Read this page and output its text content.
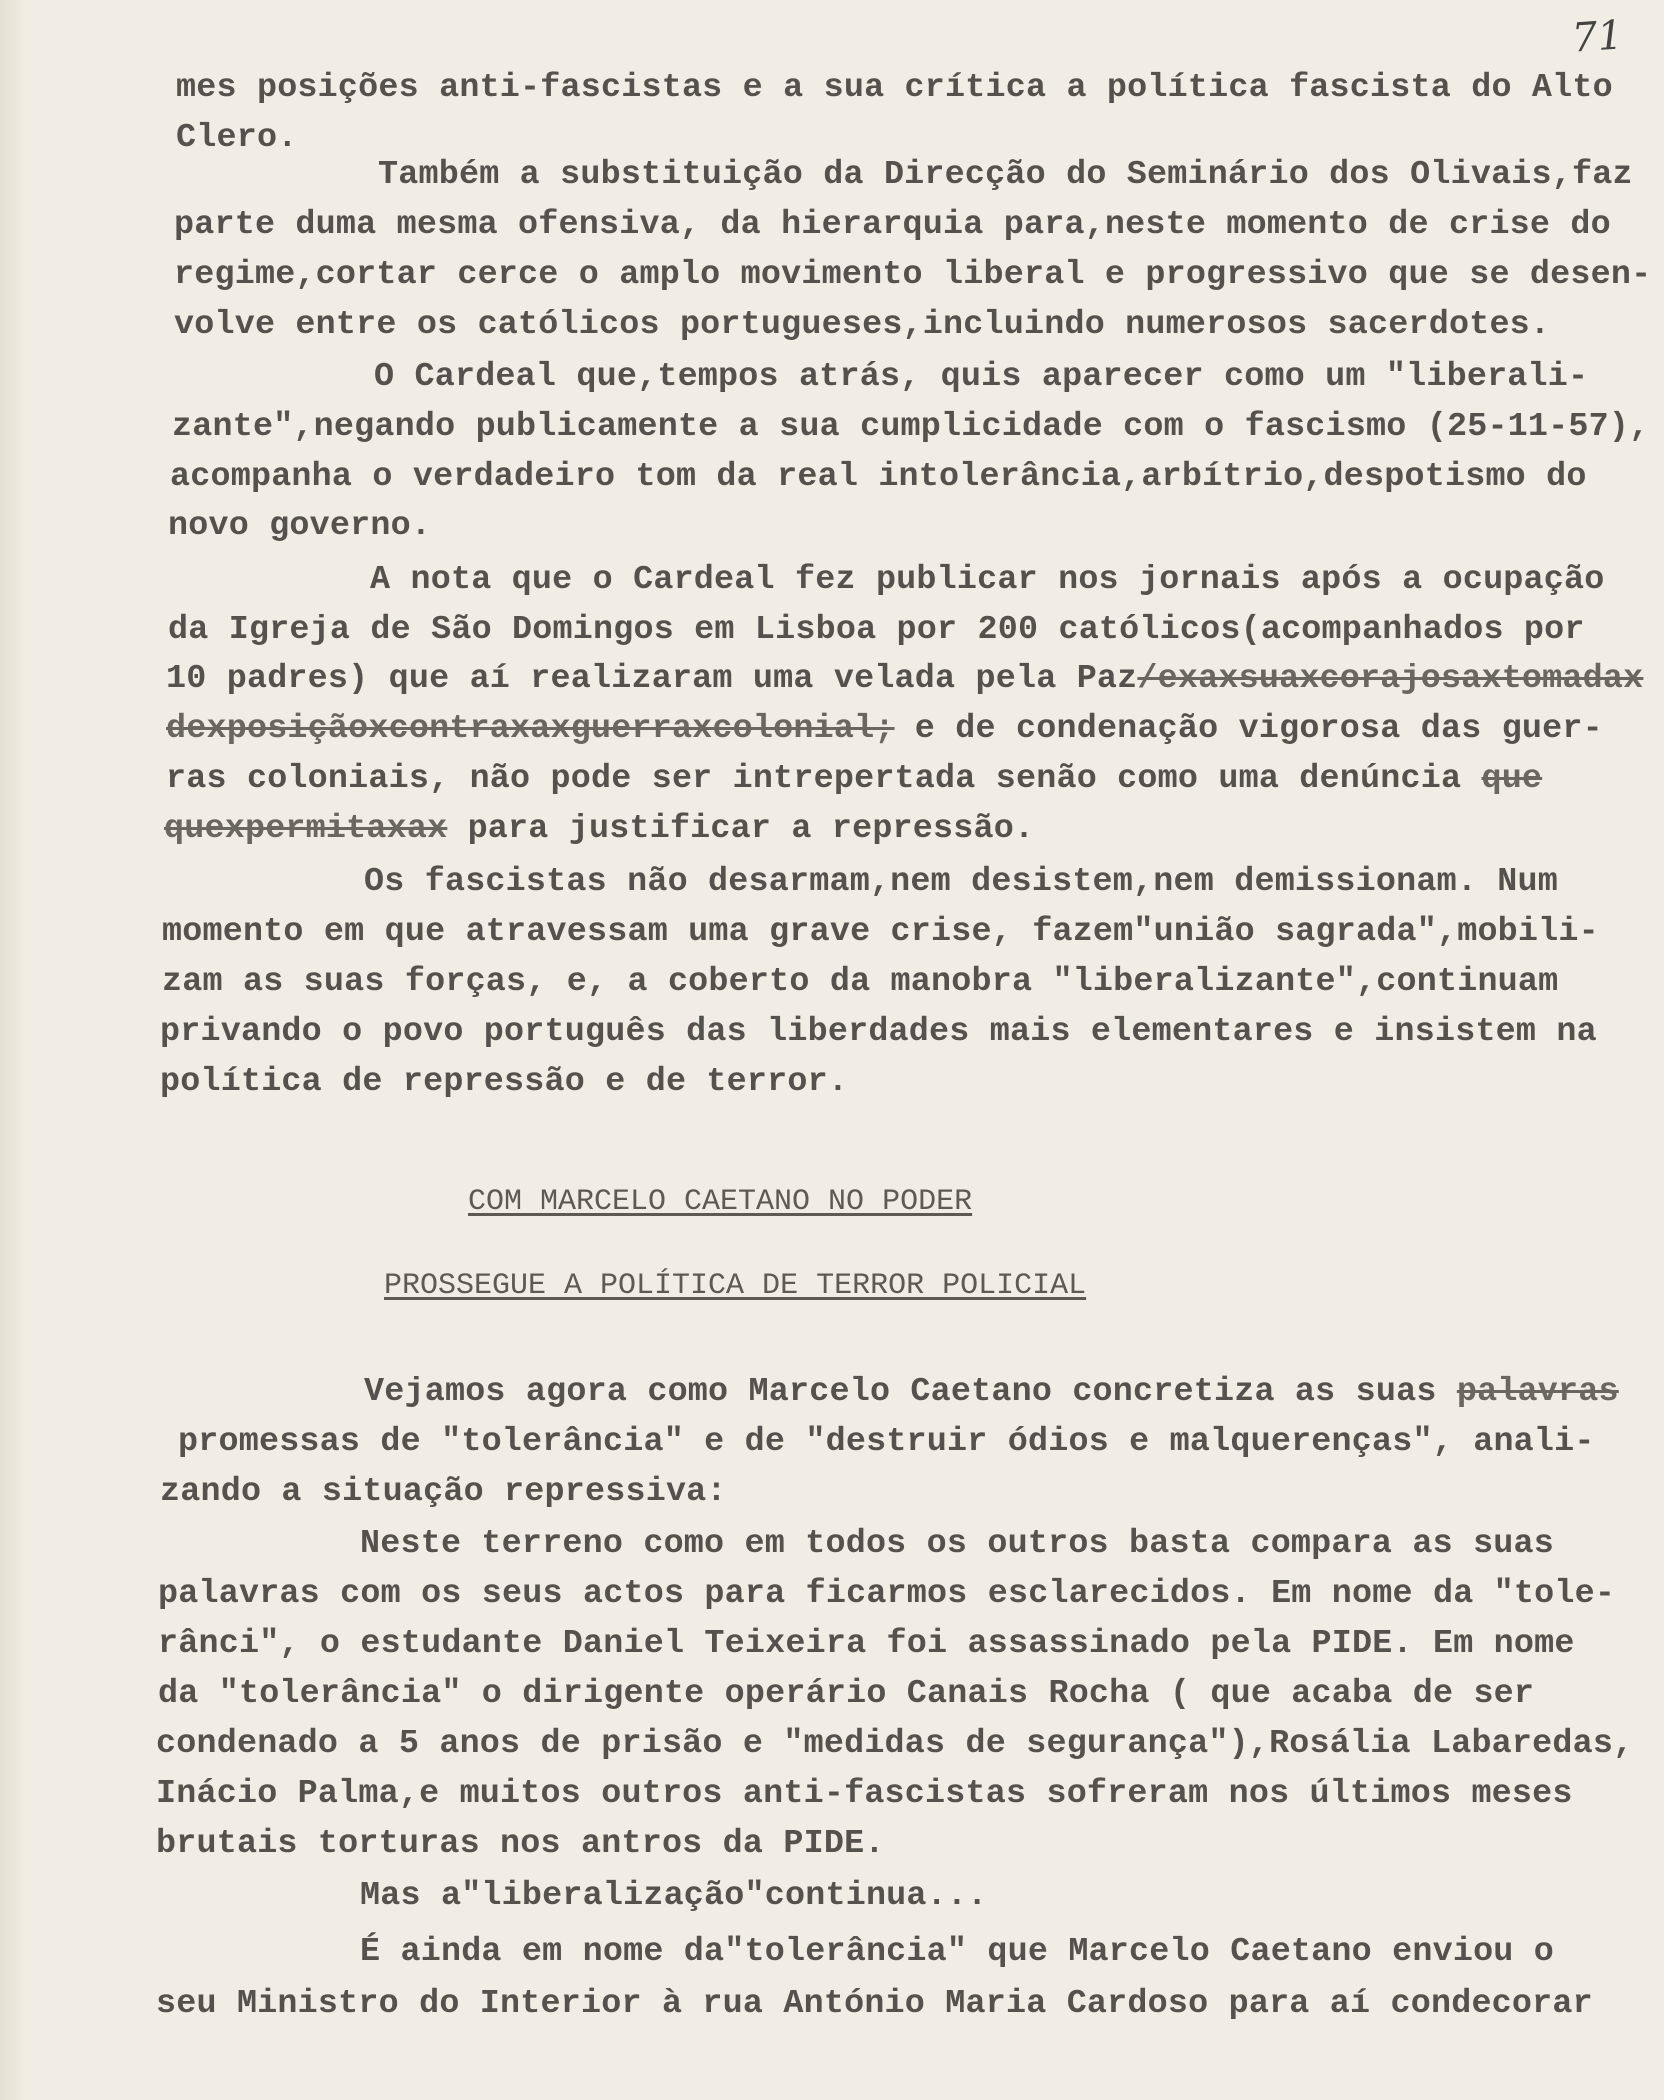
71
mes posições anti-fascistas e a sua crítica a política fascista do Alto
Clero.
Também a substituição da Direcção do Seminário dos Olivais,faz
parte duma mesma ofensiva, da hierarquia para,neste momento de crise do
regime,cortar cerce o amplo movimento liberal e progressivo que se desen-
volve entre os católicos portugueses,incluindo numerosos sacerdotes.
O Cardeal que,tempos atrás, quis aparecer como um "liberali-
zante",negando publicamente a sua cumplicidade com o fascismo (25-11-57),
acompanha o verdadeiro tom da real intolerância,arbítrio,despotismo do
novo governo.
A nota que o Cardeal fez publicar nos jornais após a ocupação
da Igreja de São Domingos em Lisboa por 200 católicos(acompanhados por
10 padres) que aí realizaram uma velada pela Paz/exaxsuaxcorajosaxtomadax
dexposiçãoxcontraxaxguerraxcolonial; e de condenação vigorosa das guer-
ras coloniais, não pode ser intrepertada senão como uma denúncia que
quexpermitaxax para justificar a repressão.
Os fascistas não desarmam,nem desistem,nem demissionam. Num
momento em que atravessam uma grave crise, fazem"união sagrada",mobili-
zam as suas forças, e, a coberto da manobra "liberalizante",continuam
privando o povo português das liberdades mais elementares e insistem na
política de repressão e de terror.
COM MARCELO CAETANO NO PODER
PROSSEGUE A POLÍTICA DE TERROR POLICIAL
Vejamos agora como Marcelo Caetano concretiza as suas palavras
promessas de "tolerância" e de "destruir ódios e malquerenças", anali-
zando a situação repressiva:
Neste terreno como em todos os outros basta compara as suas
palavras com os seus actos para ficarmos esclarecidos. Em nome da "tole-
rânci", o estudante Daniel Teixeira foi assassinado pela PIDE. Em nome
da "tolerância" o dirigente operário Canais Rocha ( que acaba de ser
condenado a 5 anos de prisão e "medidas de segurança"),Rosália Labaredas,
Inácio Palma,e muitos outros anti-fascistas sofreram nos últimos meses
brutais torturas nos antros da PIDE.
Mas a"liberalização"continua...
É ainda em nome da"tolerância" que Marcelo Caetano enviou o
seu Ministro do Interior à rua António Maria Cardoso para aí condecorar
